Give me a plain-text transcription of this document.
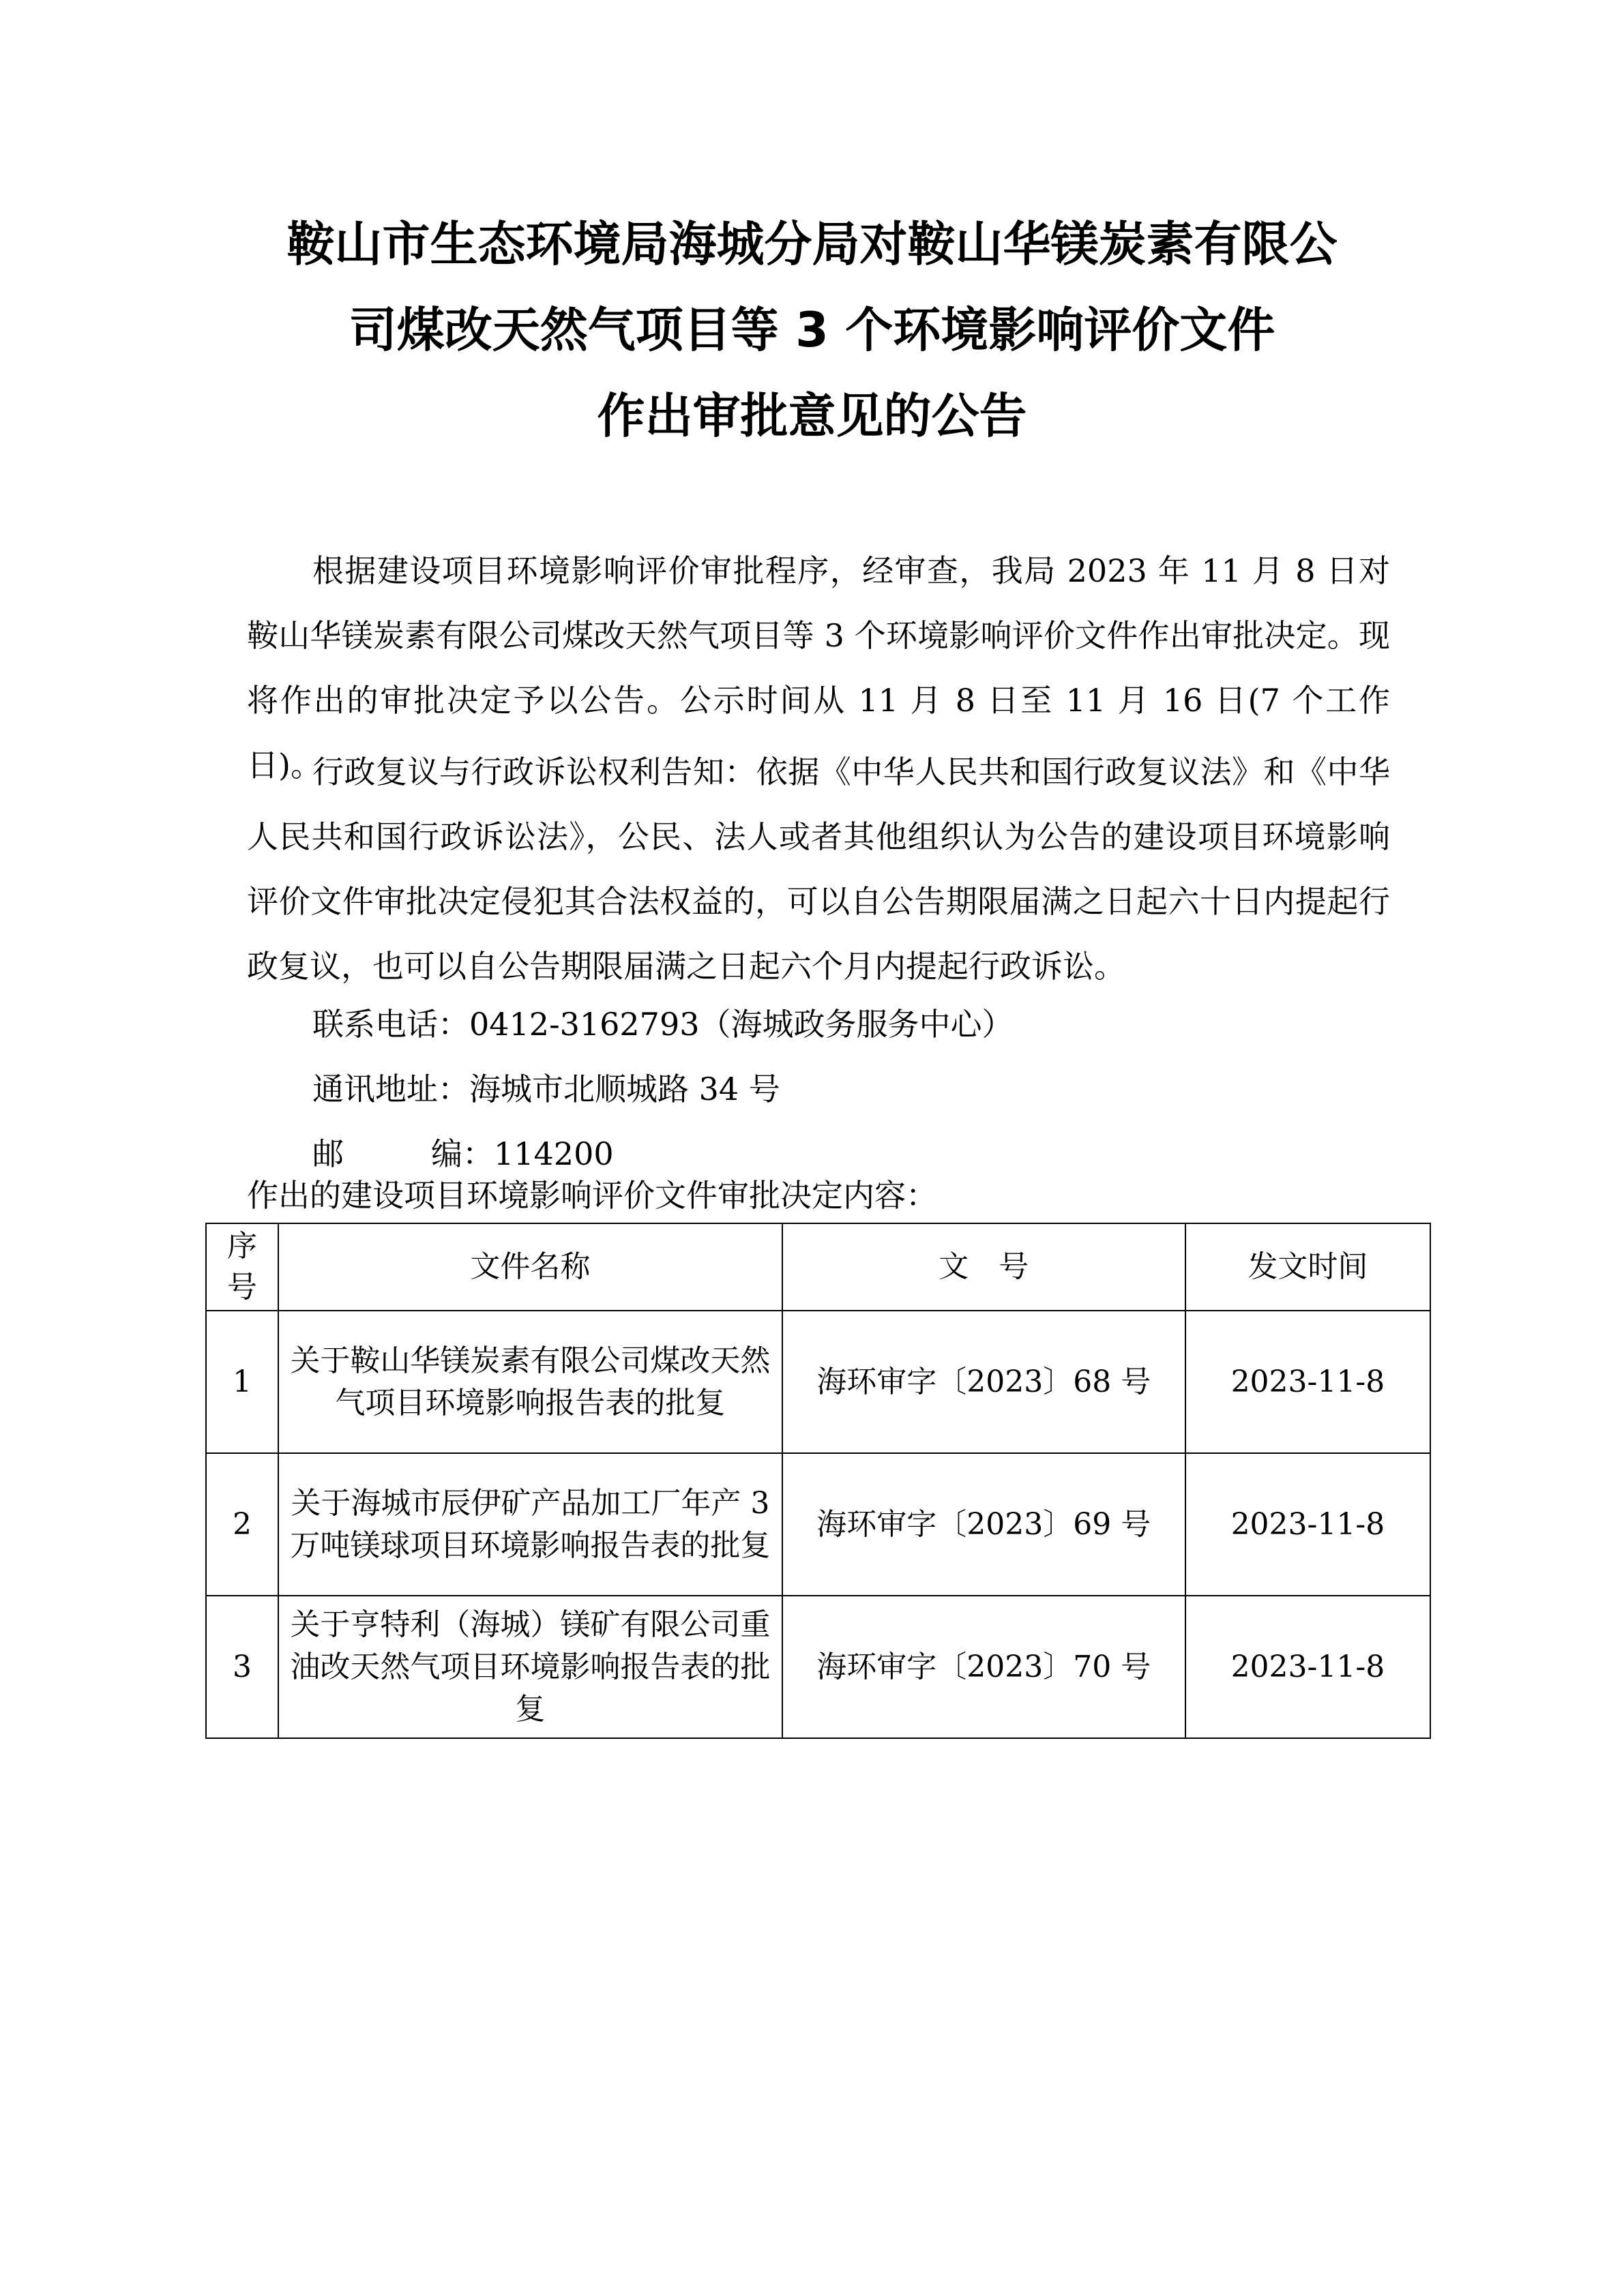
鞍山市生态环境局海城分局对鞍山华镁炭素有限公
司煤改天然气项目等 3 个环境影响评价文件
作出审批意见的公告

根据建设项目环境影响评价审批程序，经审查，我局 2023 年 11 月 8 日对鞍山华镁炭素有限公司煤改天然气项目等 3 个环境影响评价文件作出审批决定。现将作出的审批决定予以公告。公示时间从 11 月 8 日至 11 月 16 日(7 个工作日)。

行政复议与行政诉讼权利告知：依据《中华人民共和国行政复议法》和《中华人民共和国行政诉讼法》，公民、法人或者其他组织认为公告的建设项目环境影响评价文件审批决定侵犯其合法权益的，可以自公告期限届满之日起六十日内提起行政复议，也可以自公告期限届满之日起六个月内提起行政诉讼。

联系电话：0412-3162793（海城政务服务中心）
通讯地址：海城市北顺城路 34 号
邮编：114200
作出的建设项目环境影响评价文件审批决定内容：
序号	文件名称	文　号	发文时间
1	关于鞍山华镁炭素有限公司煤改天然气项目环境影响报告表的批复	海环审字〔2023〕68 号	2023-11-8
2	关于海城市辰伊矿产品加工厂年产 3 万吨镁球项目环境影响报告表的批复	海环审字〔2023〕69 号	2023-11-8
3	关于亨特利（海城）镁矿有限公司重油改天然气项目环境影响报告表的批复	海环审字〔2023〕70 号	2023-11-8
